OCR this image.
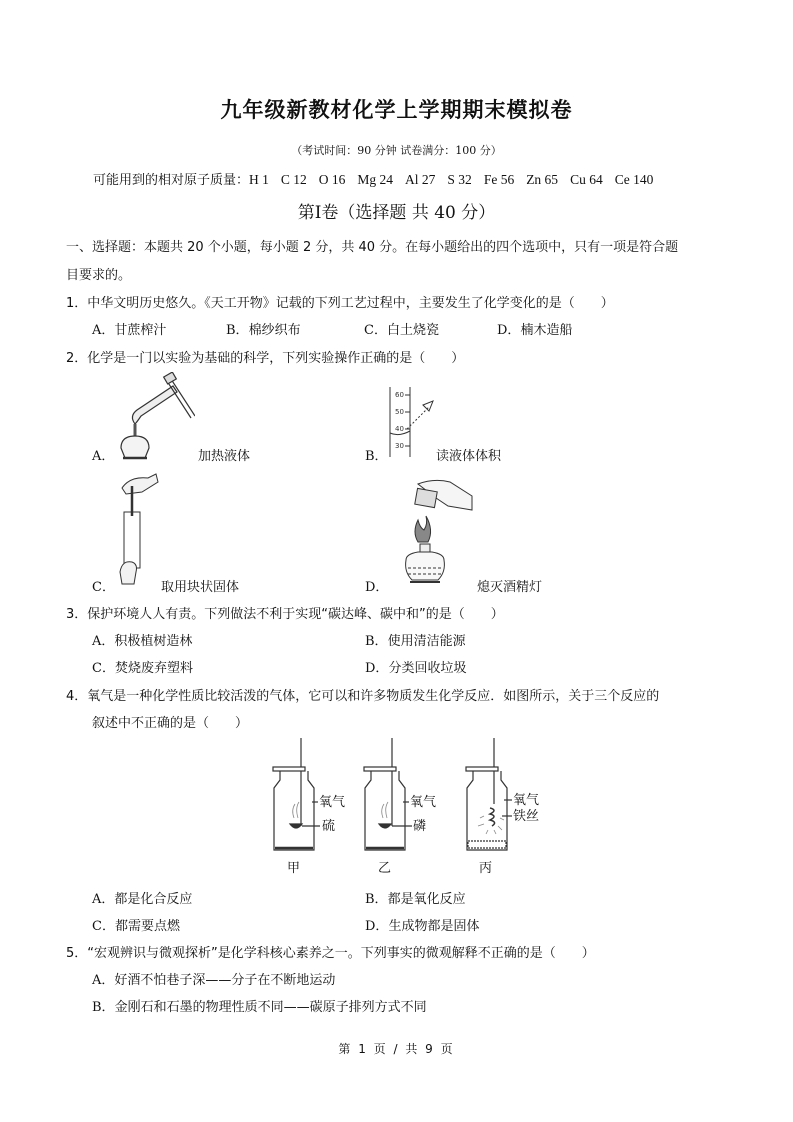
九年级新教材化学上学期期末模拟卷
（考试时间：90 分钟 试卷满分：100 分）
可能用到的相对原子质量：H 1 C 12 O 16 Mg 24 Al 27 S 32 Fe 56 Zn 65 Cu 64 Ce 140
第Ⅰ卷（选择题 共 40 分）
一、选择题：本题共 20 个小题，每小题 2 分，共 40 分。在每小题给出的四个选项中，只有一项是符合题
目要求的。
1．中华文明历史悠久。《天工开物》记载的下列工艺过程中，主要发生了化学变化的是（　　）
A．甘蔗榨汁	B．棉纱织布	C．白土烧瓷	D．楠木造船
2．化学是一门以实验为基础的科学，下列实验操作正确的是（　　）
A．	加热液体
60
50
40
30
B．	读液体体积
C．	取用块状固体	D．	熄灭酒精灯
3．保护环境人人有责。下列做法不利于实现“碳达峰、碳中和”的是（　　）
A．积极植树造林	B．使用清洁能源
C．焚烧废弃塑料	D．分类回收垃圾
4．氧气是一种化学性质比较活泼的气体，它可以和许多物质发生化学反应．如图所示，关于三个反应的
叙述中不正确的是（　　）
氧气
硫
氧气
磷
氧气
铁丝
甲	乙	丙
A．都是化合反应	B．都是氧化反应
C．都需要点燃	D．生成物都是固体
5．“宏观辨识与微观探析”是化学科核心素养之一。下列事实的微观解释不正确的是（　　）
A．好酒不怕巷子深——分子在不断地运动
B．金刚石和石墨的物理性质不同——碳原子排列方式不同
第 1 页 / 共 9 页
